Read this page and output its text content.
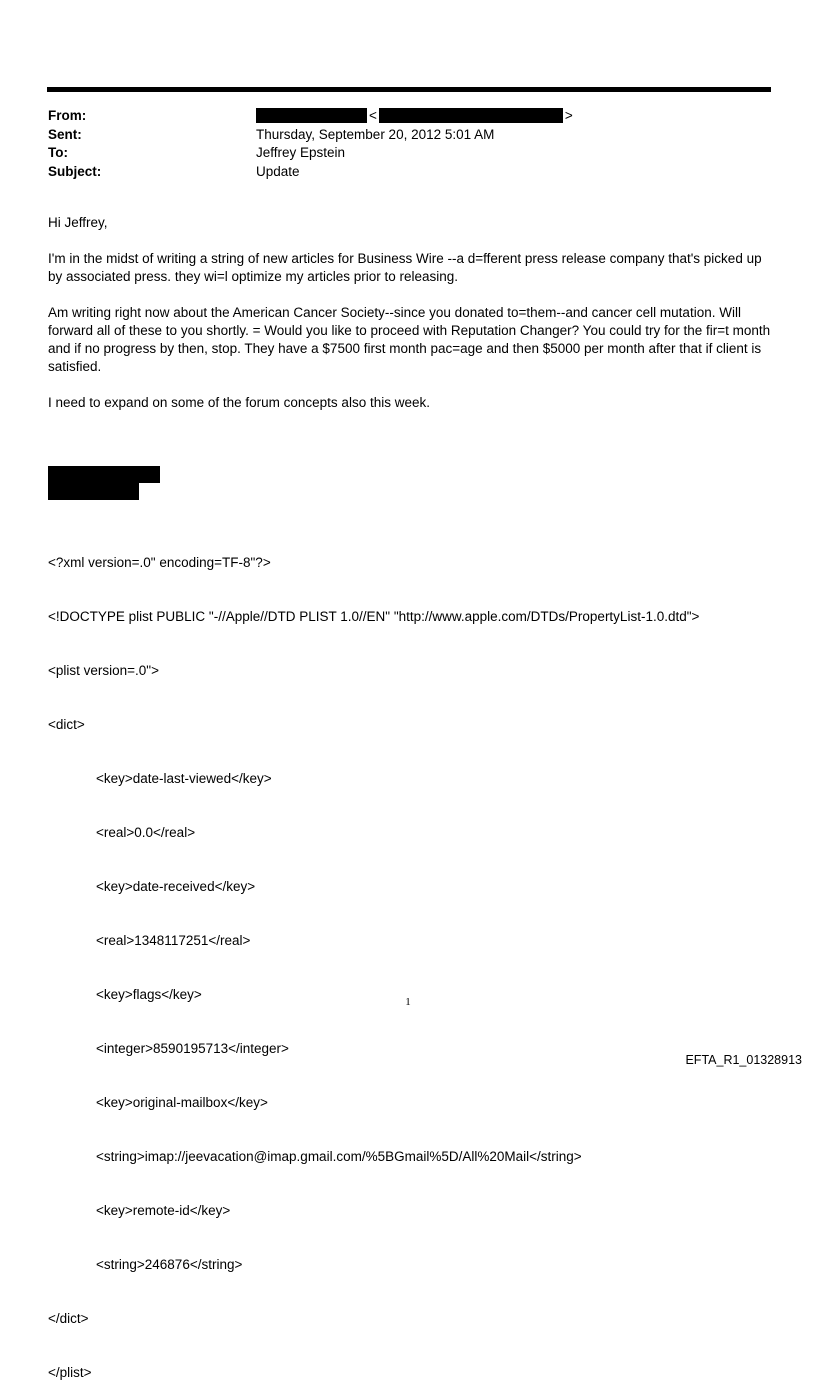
From:	<	>
Sent:	Thursday, September 20, 2012 5:01 AM
To:	Jeffrey Epstein
Subject:	Update

Hi Jeffrey,

I'm in the midst of writing a string of new articles for Business Wire --a d=fferent press release company that's picked up by associated press. they wi=l optimize my articles prior to releasing.

Am writing right now about the American Cancer Society--since you donated to=them--and cancer cell mutation. Will forward all of these to you shortly. = Would you like to proceed with Reputation Changer? You could try for the fir=t month and if no progress by then, stop. They have a $7500 first month pac=age and then $5000 per month after that if client is satisfied.

I need to expand on some of the forum concepts also this week.

<?xml version=.0" encoding=TF-8"?>

<!DOCTYPE plist PUBLIC "-//Apple//DTD PLIST 1.0//EN" "http://www.apple.com/DTDs/PropertyList-1.0.dtd">

<plist version=.0">

<dict>

<key>date-last-viewed</key>

<real>0.0</real>

<key>date-received</key>

<real>1348117251</real>

<key>flags</key>

<integer>8590195713</integer>

<key>original-mailbox</key>

<string>imap://jeevacation@imap.gmail.com/%5BGmail%5D/All%20Mail</string>

<key>remote-id</key>

<string>246876</string>

</dict>

</plist>

1
EFTA_R1_01328913
